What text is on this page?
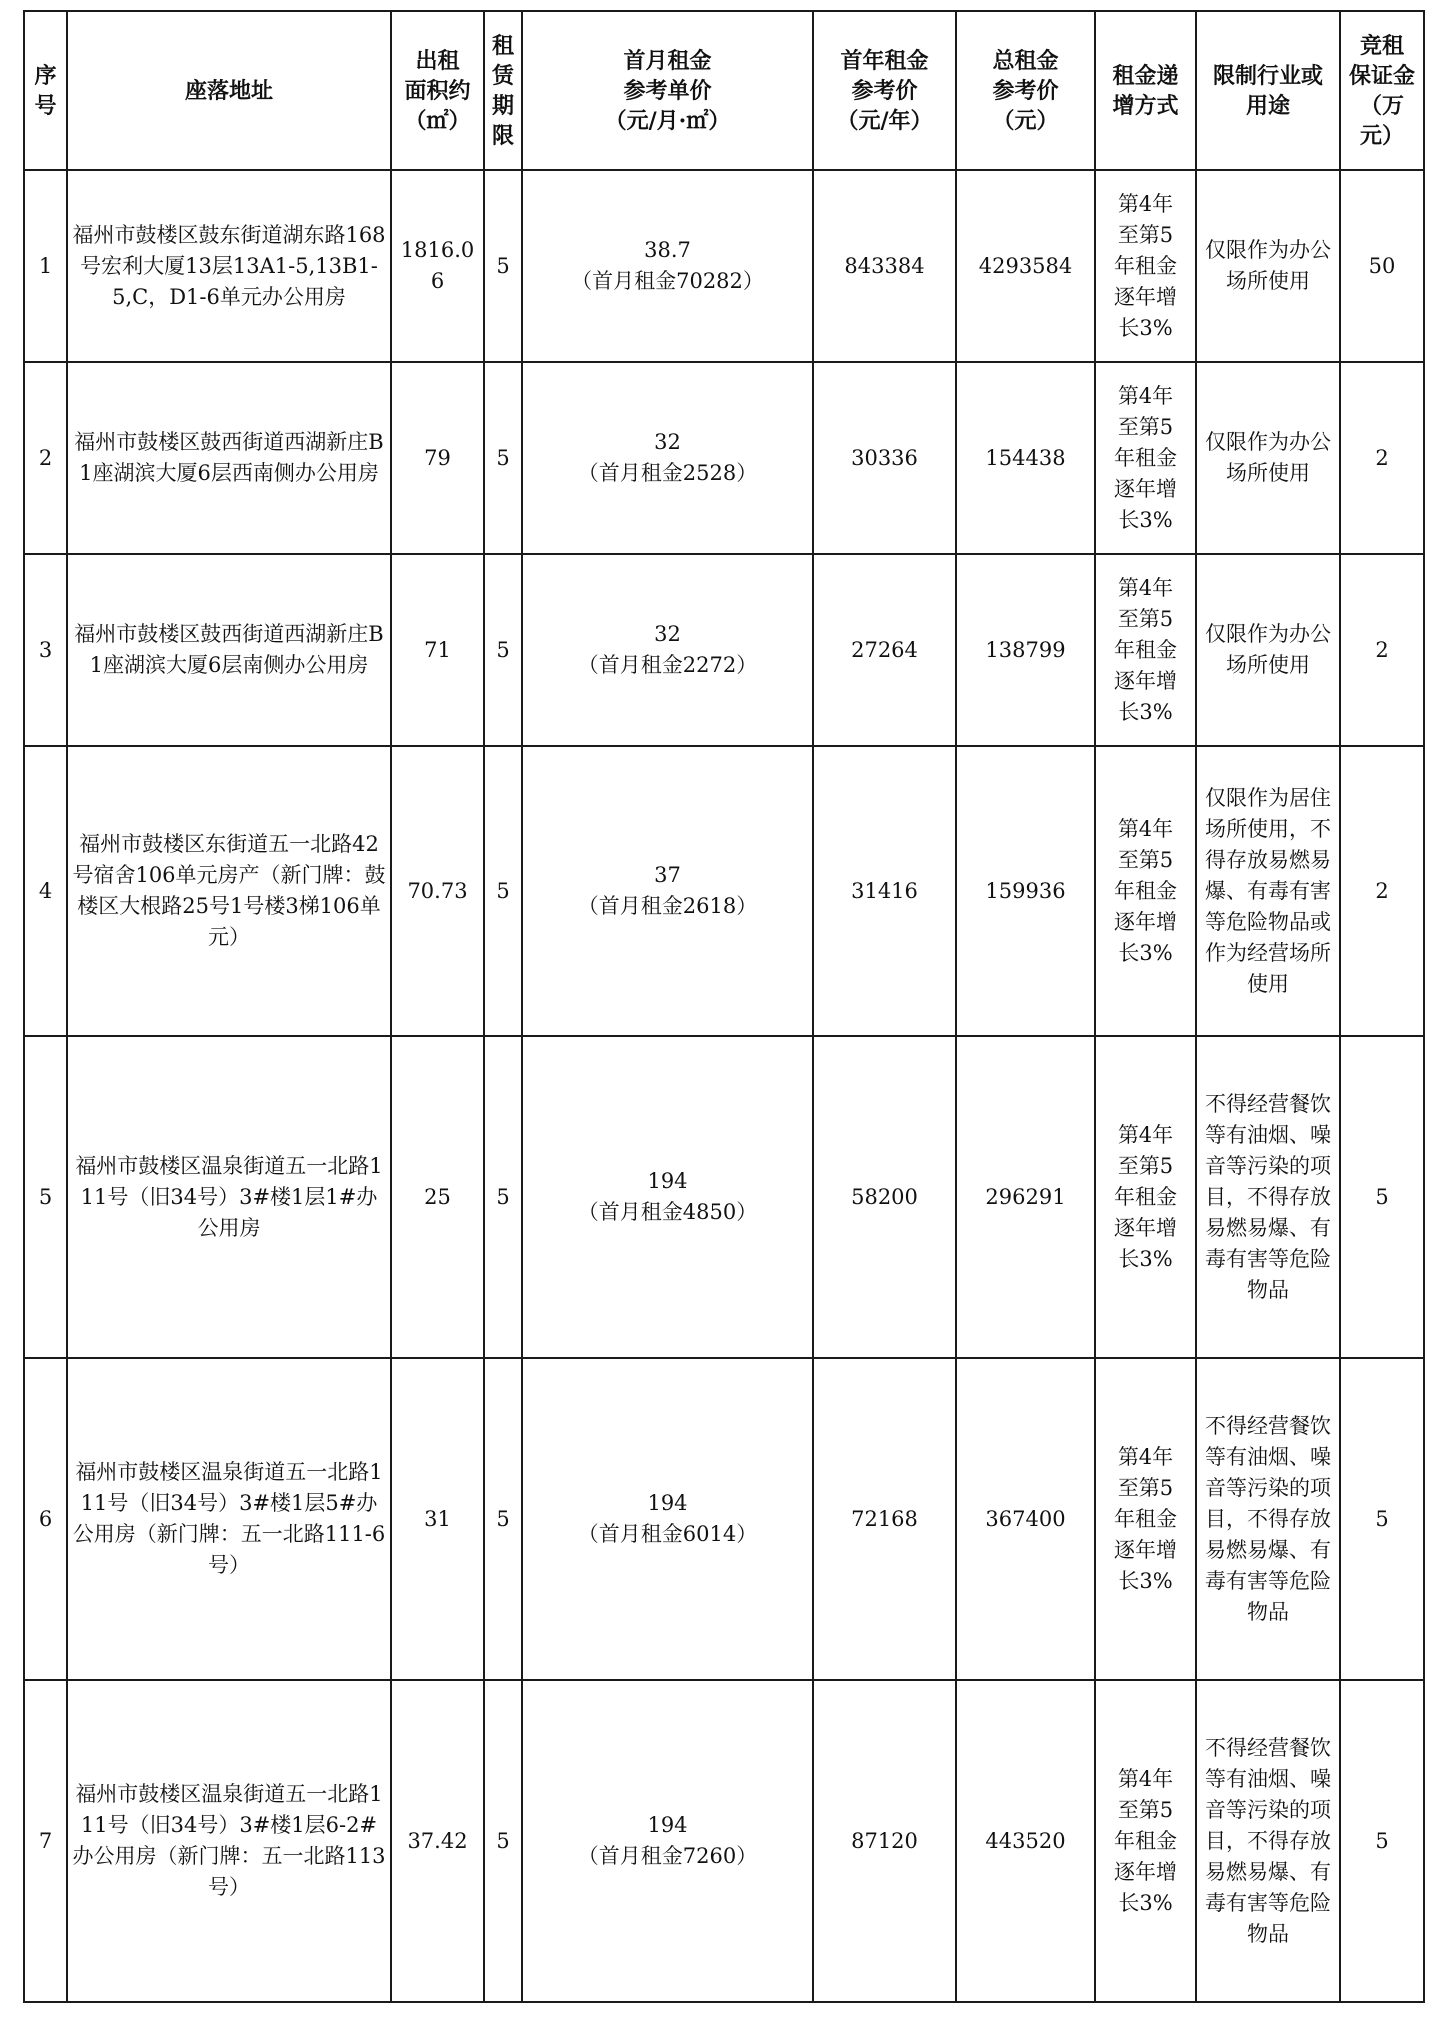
序号	座落地址	出租
面积约
（㎡）	租
赁
期
限	首月租金
参考单价
（元/月·㎡）	首年租金
参考价
（元/年）	总租金
参考价
（元）	租金递
增方式	限制行业或
用途	竞租
保证金
（万元）
1	福州市鼓楼区鼓东街道湖东路168号宏利大厦13层13A1-5,13B1-5,C，D1-6单元办公用房	1816.06	5	38.7
（首月租金70282）	843384	4293584	第4年
至第5
年租金
逐年增
长3%	仅限作为办公场所使用	50
2	福州市鼓楼区鼓西街道西湖新庄B1座湖滨大厦6层西南侧办公用房	79	5	32
（首月租金2528）	30336	154438	第4年
至第5
年租金
逐年增
长3%	仅限作为办公场所使用	2
3	福州市鼓楼区鼓西街道西湖新庄B1座湖滨大厦6层南侧办公用房	71	5	32
（首月租金2272）	27264	138799	第4年
至第5
年租金
逐年增
长3%	仅限作为办公场所使用	2
4	福州市鼓楼区东街道五一北路42号宿舍106单元房产（新门牌：鼓楼区大根路25号1号楼3梯106单元）	70.73	5	37
（首月租金2618）	31416	159936	第4年
至第5
年租金
逐年增
长3%	仅限作为居住场所使用，不得存放易燃易爆、有毒有害等危险物品或作为经营场所使用	2
5	福州市鼓楼区温泉街道五一北路111号（旧34号）3#楼1层1#办公用房	25	5	194
（首月租金4850）	58200	296291	第4年
至第5
年租金
逐年增
长3%	不得经营餐饮等有油烟、噪音等污染的项目，不得存放易燃易爆、有毒有害等危险物品	5
6	福州市鼓楼区温泉街道五一北路111号（旧34号）3#楼1层5#办公用房（新门牌：五一北路111-6号）	31	5	194
（首月租金6014）	72168	367400	第4年
至第5
年租金
逐年增
长3%	不得经营餐饮等有油烟、噪音等污染的项目，不得存放易燃易爆、有毒有害等危险物品	5
7	福州市鼓楼区温泉街道五一北路111号（旧34号）3#楼1层6-2#办公用房（新门牌：五一北路113号）	37.42	5	194
（首月租金7260）	87120	443520	第4年
至第5
年租金
逐年增
长3%	不得经营餐饮等有油烟、噪音等污染的项目，不得存放易燃易爆、有毒有害等危险物品	5
